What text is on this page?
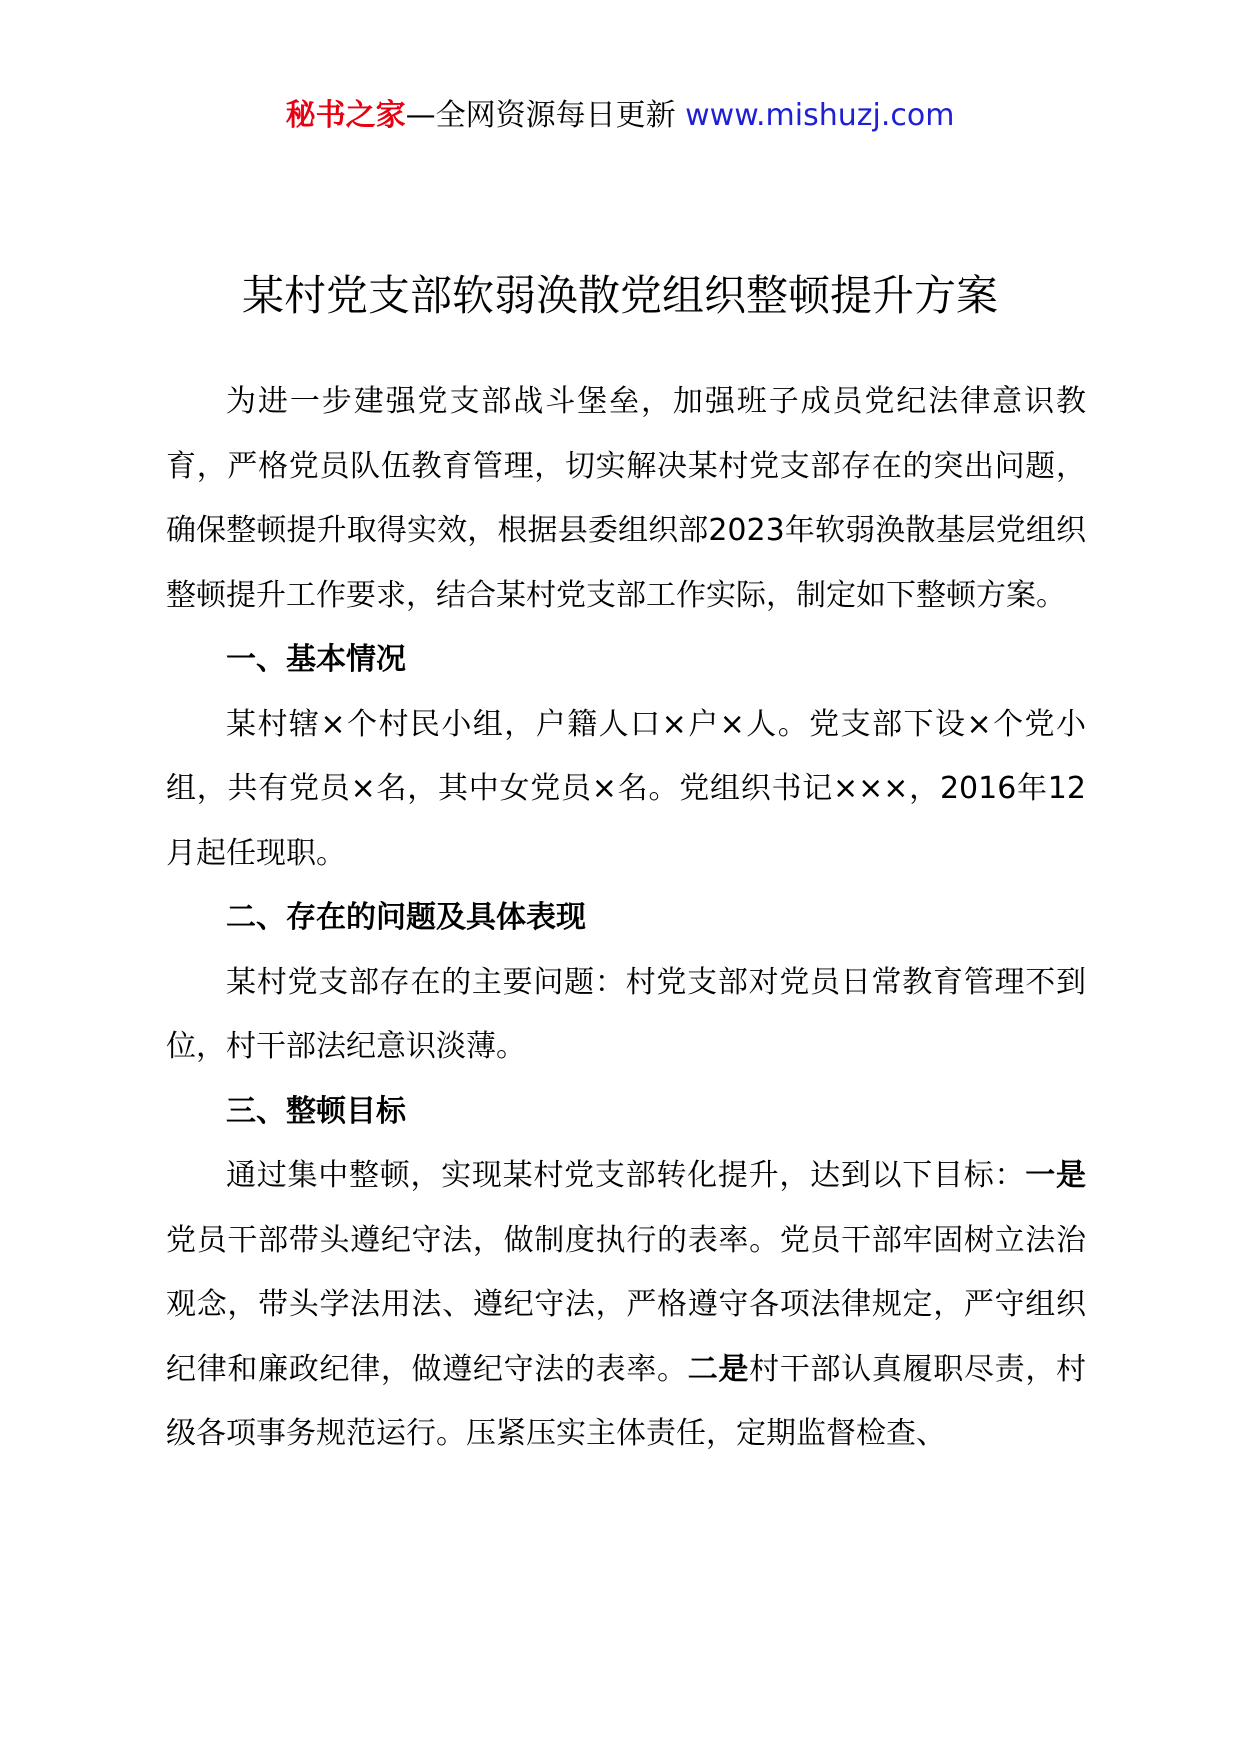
秘书之家—全网资源每日更新 www.mishuzj.com
某村党支部软弱涣散党组织整顿提升方案

为进一步建强党支部战斗堡垒，加强班子成员党纪法律意识教育，严格党员队伍教育管理，切实解决某村党支部存在的突出问题，确保整顿提升取得实效，根据县委组织部2023年软弱涣散基层党组织整顿提升工作要求，结合某村党支部工作实际，制定如下整顿方案。

一、基本情况

某村辖×个村民小组，户籍人口×户×人。党支部下设×个党小组，共有党员×名，其中女党员×名。党组织书记×××，2016年12月起任现职。

二、存在的问题及具体表现

某村党支部存在的主要问题：村党支部对党员日常教育管理不到位，村干部法纪意识淡薄。

三、整顿目标

通过集中整顿，实现某村党支部转化提升，达到以下目标：一是党员干部带头遵纪守法，做制度执行的表率。党员干部牢固树立法治观念，带头学法用法、遵纪守法，严格遵守各项法律规定，严守组织纪律和廉政纪律，做遵纪守法的表率。二是村干部认真履职尽责，村级各项事务规范运行。压紧压实主体责任，定期监督检查、
